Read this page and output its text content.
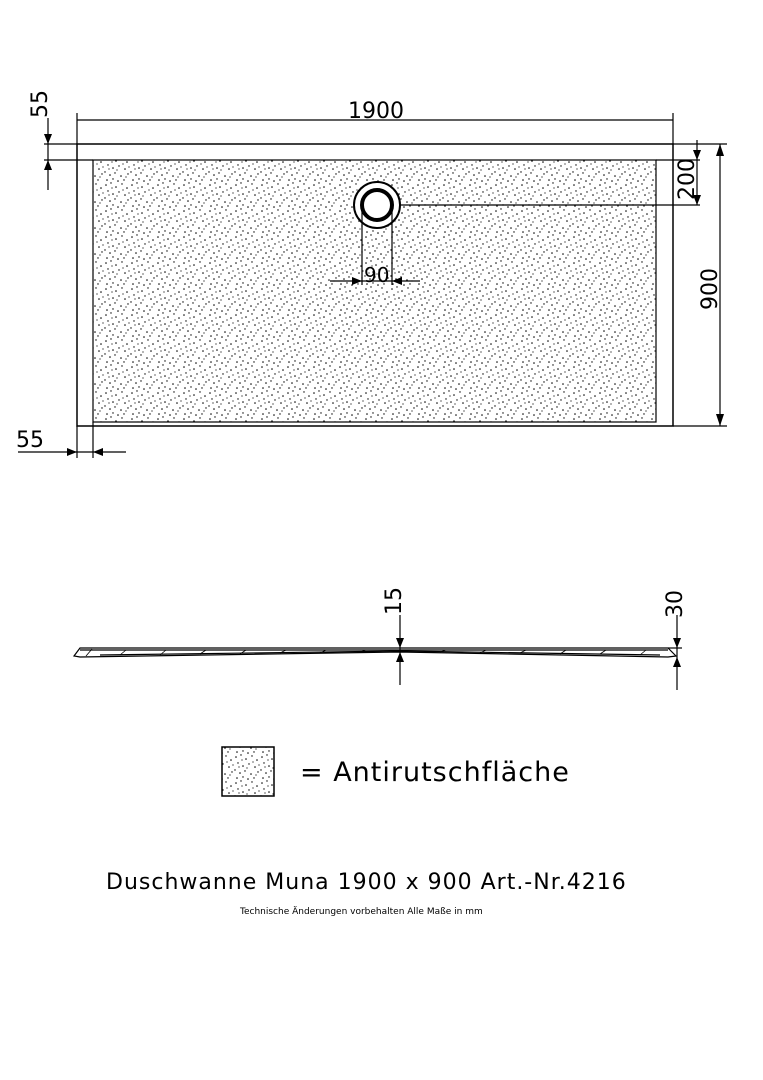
1900
900
200
55
55
90
15	30
= Antirutschfläche
Duschwanne Muna 1900 x 900 Art.-Nr.4216
Technische Änderungen vorbehalten Alle Maße in mm
